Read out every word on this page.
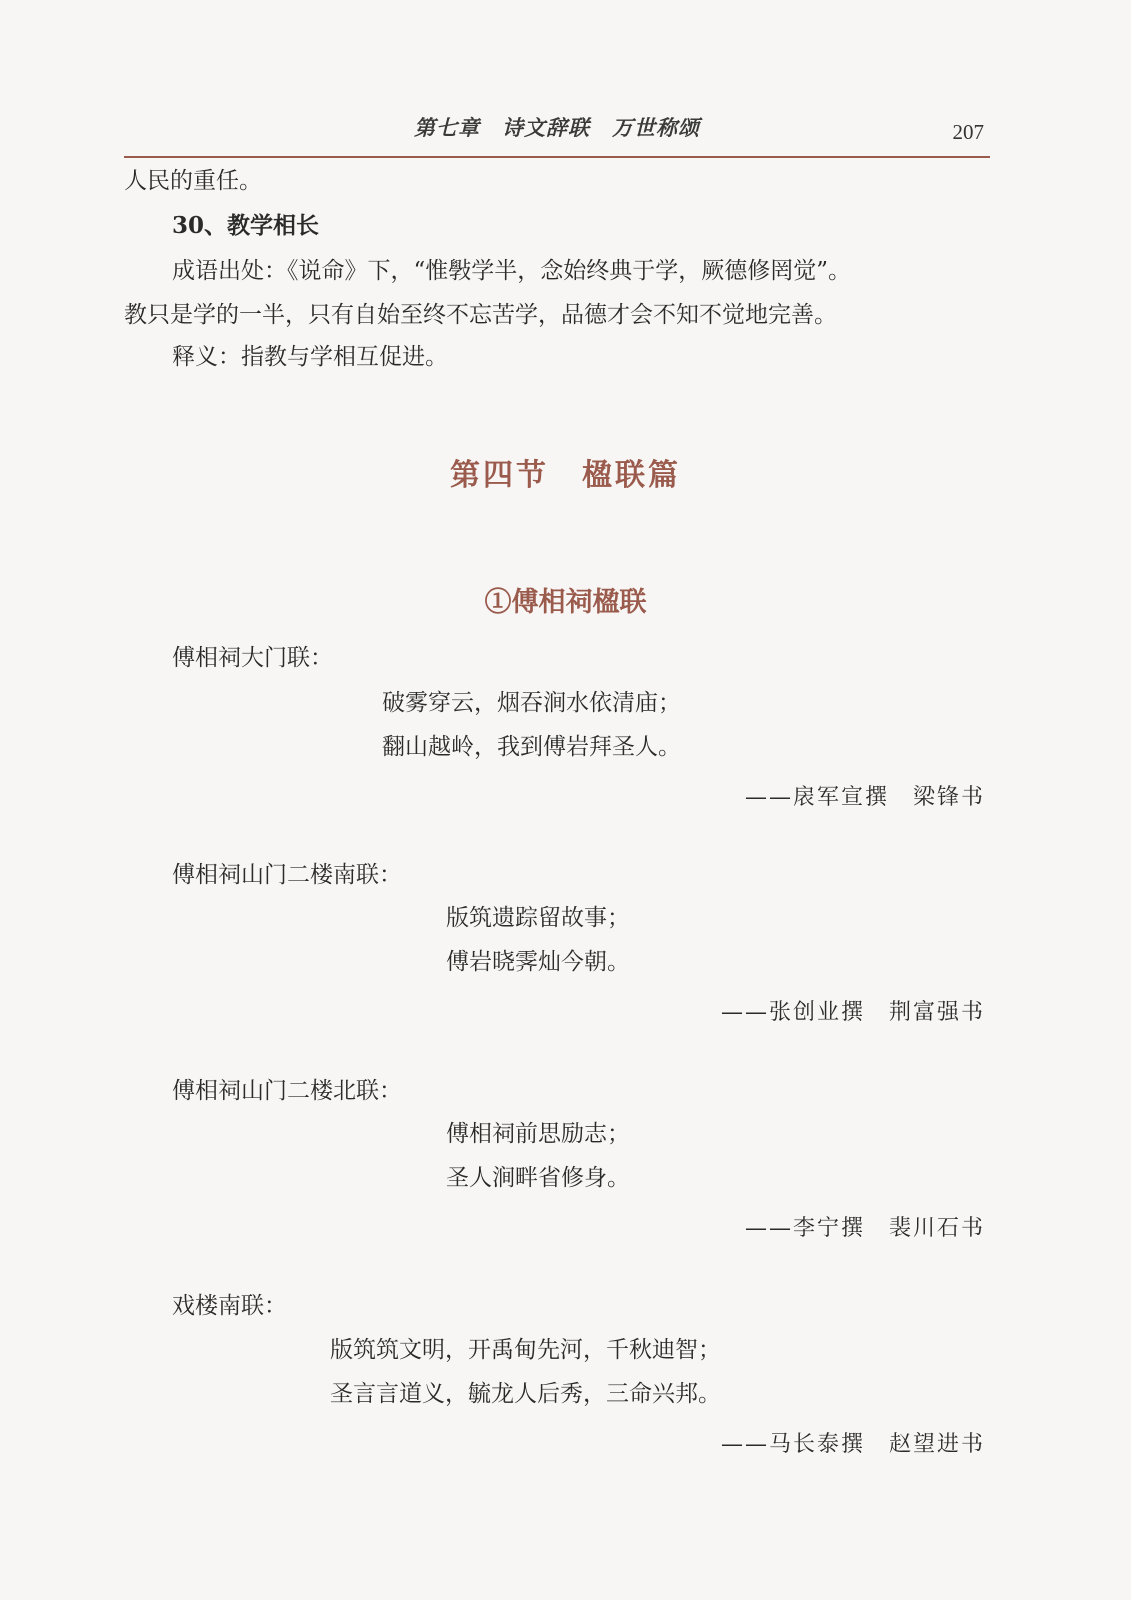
第七章　诗文辞联　万世称颂	207
人民的重任。
30、教学相长
成语出处：《说命》下，“惟斅学半，念始终典于学，厥德修罔觉”。
教只是学的一半，只有自始至终不忘苦学，品德才会不知不觉地完善。
释义：指教与学相互促进。
第四节　楹联篇
①傅相祠楹联
傅相祠大门联：
破雾穿云，烟吞涧水依清庙；
翻山越岭，我到傅岩拜圣人。
——扆军宣撰　梁锋书
傅相祠山门二楼南联：
版筑遗踪留故事；
傅岩晓霁灿今朝。
——张创业撰　荆富强书
傅相祠山门二楼北联：
傅相祠前思励志；
圣人涧畔省修身。
——李宁撰　裴川石书
戏楼南联：
版筑筑文明，开禹甸先河，千秋迪智；
圣言言道义，毓龙人后秀，三命兴邦。
——马长泰撰　赵望进书
